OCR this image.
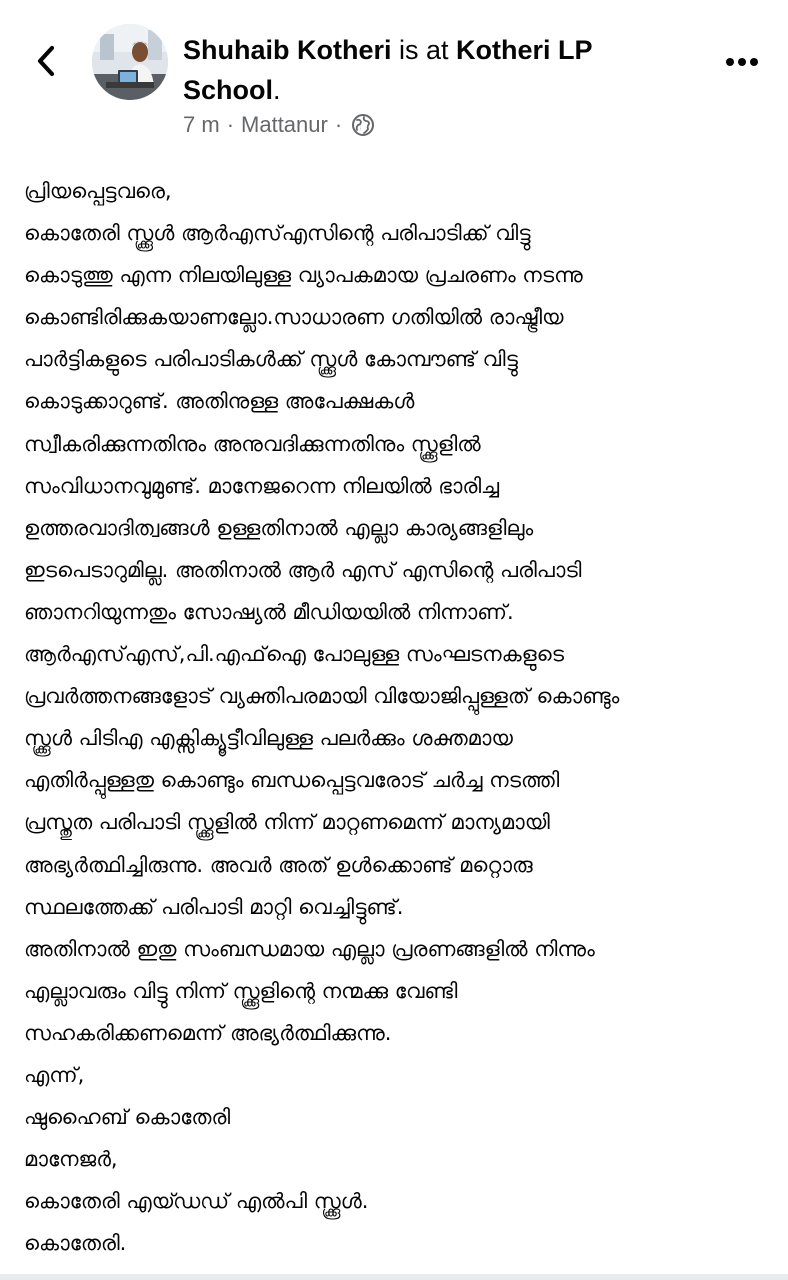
Shuhaib Kotheri is at Kotheri LP School.
7 m · Mattanur ·
പ്രിയപ്പെട്ടവരെ,
കൊതേരി സ്ക്കൂൾ ആർഎസ്എസിന്റെ പരിപാടിക്ക് വിട്ടു
കൊടുത്തു എന്ന നിലയിലുള്ള വ്യാപകമായ പ്രചരണം നടന്നു
കൊണ്ടിരിക്കുകയാണല്ലോ.സാധാരണ ഗതിയിൽ രാഷ്ട്രീയ
പാർട്ടികളുടെ പരിപാടികൾക്ക് സ്ക്കൂൾ കോമ്പൗണ്ട് വിട്ടു
കൊടുക്കാറുണ്ട്. അതിനുള്ള അപേക്ഷകൾ
സ്വീകരിക്കുന്നതിനും അനുവദിക്കുന്നതിനും സ്ക്കൂളിൽ
സംവിധാനവുമുണ്ട്. മാനേജറെന്ന നിലയിൽ ഭാരിച്ച
ഉത്തരവാദിത്വങ്ങൾ ഉള്ളതിനാൽ എല്ലാ കാര്യങ്ങളിലും
ഇടപെടാറുമില്ല. അതിനാൽ ആർ എസ് എസിന്റെ പരിപാടി
ഞാനറിയുന്നതും സോഷ്യൽ മീഡിയയിൽ നിന്നാണ്.
ആർഎസ്എസ്,പി.എഫ്ഐ പോലുള്ള സംഘടനകളുടെ
പ്രവർത്തനങ്ങളോട് വ്യക്തിപരമായി വിയോജിപ്പുള്ളത് കൊണ്ടും
സ്ക്കൂൾ പിടിഎ എക്സിക്യൂട്ടീവിലുള്ള പലർക്കും ശക്തമായ
എതിർപ്പുള്ളതു കൊണ്ടും ബന്ധപ്പെട്ടവരോട് ചർച്ച നടത്തി
പ്രസ്തുത പരിപാടി സ്ക്കൂളിൽ നിന്ന് മാറ്റണമെന്ന് മാന്യമായി
അഭ്യർത്ഥിച്ചിരുന്നു. അവർ അത് ഉൾക്കൊണ്ട് മറ്റൊരു
സ്ഥലത്തേക്ക് പരിപാടി മാറ്റി വെച്ചിട്ടുണ്ട്.
അതിനാൽ ഇതു സംബന്ധമായ എല്ലാ പ്രരണങ്ങളിൽ നിന്നും
എല്ലാവരും വിട്ടു നിന്ന് സ്ക്കൂളിന്റെ നന്മക്കു വേണ്ടി
സഹകരിക്കണമെന്ന് അഭ്യർത്ഥിക്കുന്നു.
എന്ന്,
ഷുഹൈബ് കൊതേരി
മാനേജർ,
കൊതേരി എയ്ഡഡ് എൽപി സ്ക്കൂൾ.
കൊതേരി.
